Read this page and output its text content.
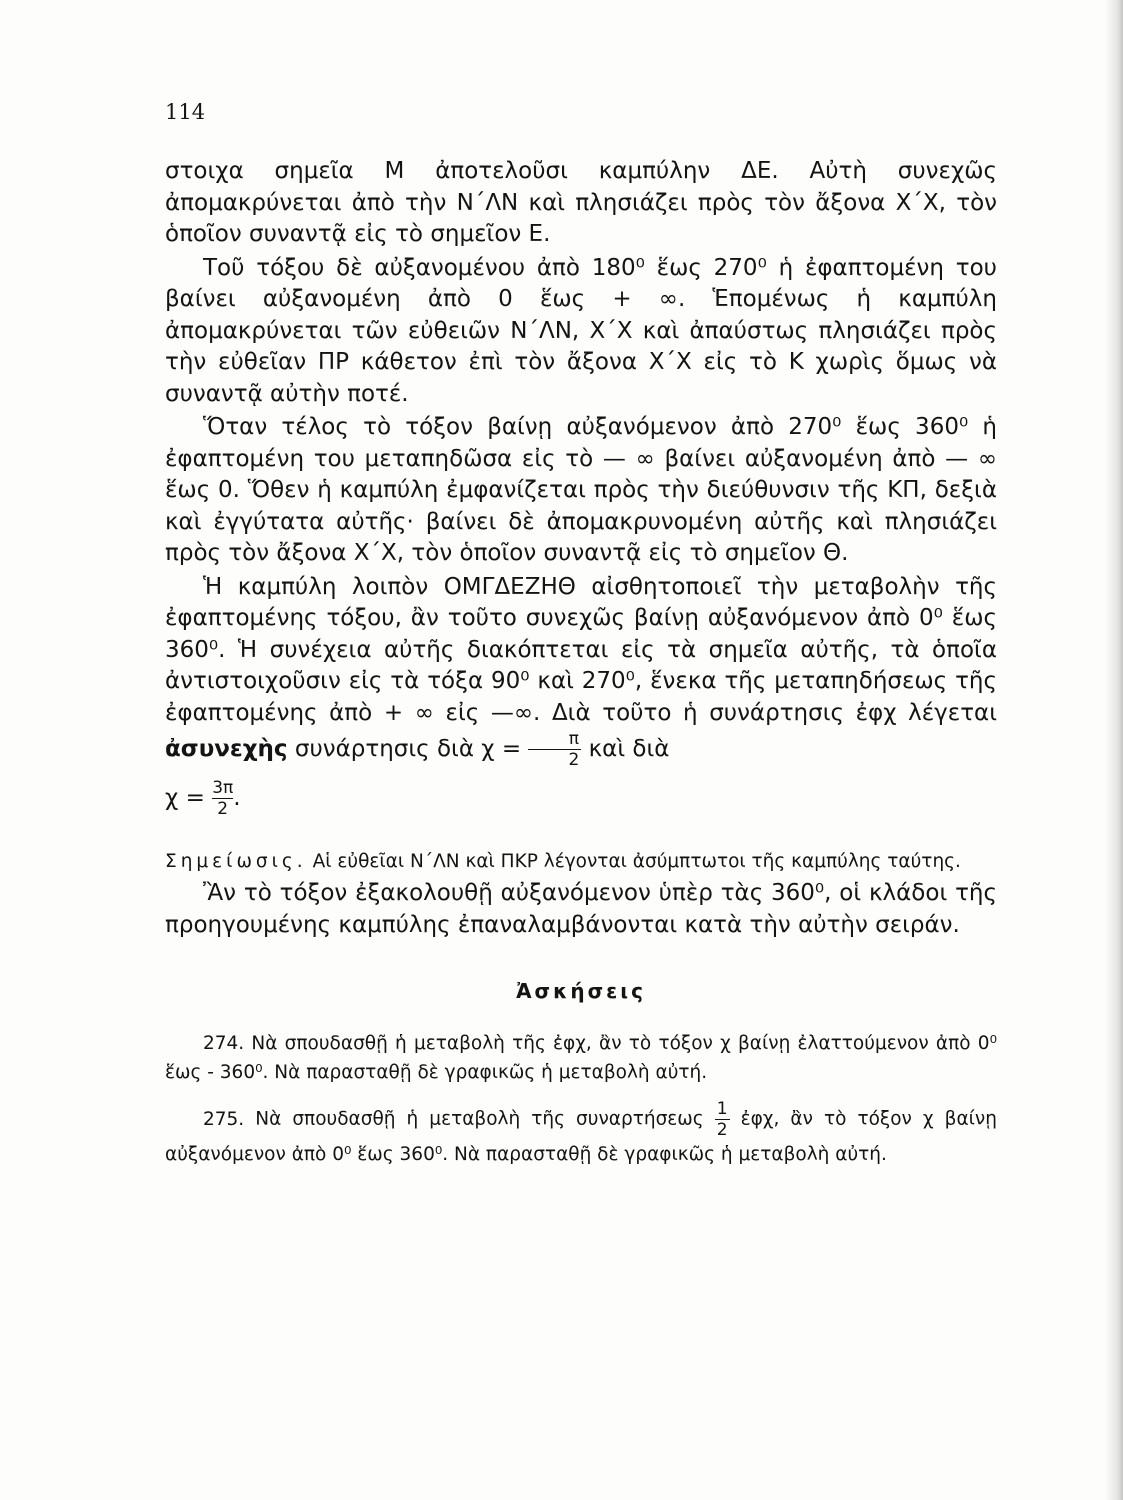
114

στοιχα σημεῖα Μ ἀποτελοῦσι καμπύλην ΔΕ. Αὐτὴ συνεχῶς ἀπομακρύνεται ἀπὸ τὴν Ν΄ΛΝ καὶ πλησιάζει πρὸς τὸν ἄξονα Χ΄Χ, τὸν ὁποῖον συναντᾷ εἰς τὸ σημεῖον Ε.

Τοῦ τόξου δὲ αὐξανομένου ἀπὸ 180⁰ ἕως 270⁰ ἡ ἐφαπτομένη του βαίνει αὐξανομένη ἀπὸ 0 ἕως + ∞. Ἑπομένως ἡ καμπύλη ἀπομακρύνεται τῶν εὐθειῶν Ν΄ΛΝ, Χ΄Χ καὶ ἀπαύστως πλησιάζει πρὸς τὴν εὐθεῖαν ΠΡ κάθετον ἐπὶ τὸν ἄξονα Χ΄Χ εἰς τὸ Κ χωρὶς ὅμως νὰ συναντᾷ αὐτὴν ποτέ.

Ὅταν τέλος τὸ τόξον βαίνῃ αὐξανόμενον ἀπὸ 270⁰ ἕως 360⁰ ἡ ἐφαπτομένη του μεταπηδῶσα εἰς τὸ — ∞ βαίνει αὐξανομένη ἀπὸ — ∞ ἕως 0. Ὅθεν ἡ καμπύλη ἐμφανίζεται πρὸς τὴν διεύθυνσιν τῆς ΚΠ, δεξιὰ καὶ ἐγγύτατα αὐτῆς· βαίνει δὲ ἀπομακρυνομένη αὐτῆς καὶ πλησιάζει πρὸς τὸν ἄξονα Χ΄Χ, τὸν ὁποῖον συναντᾷ εἰς τὸ σημεῖον Θ.

Ἡ καμπύλη λοιπὸν ΟΜΓΔΕΖΗΘ αἰσθητοποιεῖ τὴν μεταβολὴν τῆς ἐφαπτομένης τόξου, ἂν τοῦτο συνεχῶς βαίνῃ αὐξανόμενον ἀπὸ 0⁰ ἕως 360⁰. Ἡ συνέχεια αὐτῆς διακόπτεται εἰς τὰ σημεῖα αὐτῆς, τὰ ὁποῖα ἀντιστοιχοῦσιν εἰς τὰ τόξα 90⁰ καὶ 270⁰, ἕνεκα τῆς μεταπηδήσεως τῆς ἐφαπτομένης ἀπὸ + ∞ εἰς —∞. Διὰ τοῦτο ἡ συνάρτησις ἐφχ λέγεται ἀσυνεχὴς συνάρτησις διὰ $\chi = \frac{\pi}{2}$ καὶ διὰ

$\chi = \frac{3\pi}{2}$ .

Σημείωσις. Αἱ εὐθεῖαι Ν΄ΛΝ καὶ ΠΚΡ λέγονται ἀσύμπτωτοι τῆς καμπύλης ταύτης.

Ἂν τὸ τόξον ἐξακολουθῇ αὐξανόμενον ὑπὲρ τὰς 360⁰, οἱ κλάδοι τῆς προηγουμένης καμπύλης ἐπαναλαμβάνονται κατὰ τὴν αὐτὴν σειράν.

Ἀσκήσεις

274. Νὰ σπουδασθῇ ἡ μεταβολὴ τῆς ἐφχ, ἂν τὸ τόξον χ βαίνῃ ἐλαττούμενον ἀπὸ 0⁰ ἕως - 360⁰. Νὰ παρασταθῇ δὲ γραφικῶς ἡ μεταβολὴ αὐτή.

275. Νὰ σπουδασθῇ ἡ μεταβολὴ τῆς συναρτήσεως $\frac{1}{2}$ ἐφχ, ἂν τὸ τόξον χ βαίνῃ αὐξανόμενον ἀπὸ 0⁰ ἕως 360⁰. Νὰ παρασταθῇ δὲ γραφικῶς ἡ μεταβολὴ αὐτή.
